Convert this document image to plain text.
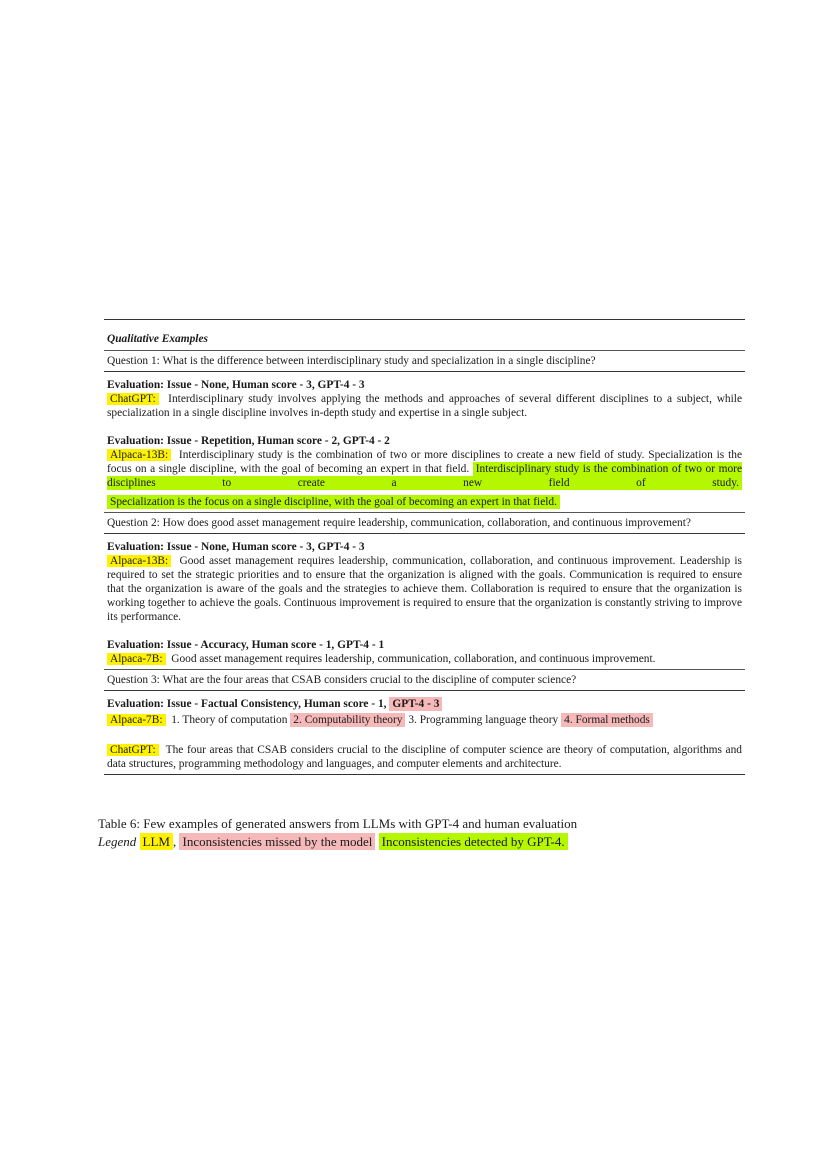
Qualitative Examples
Question 1: What is the difference between interdisciplinary study and specialization in a single discipline?
Evaluation: Issue - None, Human score - 3, GPT-4 - 3
ChatGPT: Interdisciplinary study involves applying the methods and approaches of several different disciplines to a subject, while specialization in a single discipline involves in-depth study and expertise in a single subject.
Evaluation: Issue - Repetition, Human score - 2, GPT-4 - 2
Alpaca-13B: Interdisciplinary study is the combination of two or more disciplines to create a new field of study. Specialization is the focus on a single discipline, with the goal of becoming an expert in that field. Interdisciplinary study is the combination of two or more disciplines to create a new field of study.
Specialization is the focus on a single discipline, with the goal of becoming an expert in that field.
Question 2: How does good asset management require leadership, communication, collaboration, and continuous improvement?
Evaluation: Issue - None, Human score - 3, GPT-4 - 3
Alpaca-13B: Good asset management requires leadership, communication, collaboration, and continuous improvement. Leadership is required to set the strategic priorities and to ensure that the organization is aligned with the goals. Communication is required to ensure that the organization is aware of the goals and the strategies to achieve them. Collaboration is required to ensure that the organization is working together to achieve the goals. Continuous improvement is required to ensure that the organization is constantly striving to improve its performance.
Evaluation: Issue - Accuracy, Human score - 1, GPT-4 - 1
Alpaca-7B: Good asset management requires leadership, communication, collaboration, and continuous improvement.
Question 3: What are the four areas that CSAB considers crucial to the discipline of computer science?
Evaluation: Issue - Factual Consistency, Human score - 1, GPT-4 - 3
Alpaca-7B: 1. Theory of computation 2. Computability theory 3. Programming language theory 4. Formal methods
ChatGPT: The four areas that CSAB considers crucial to the discipline of computer science are theory of computation, algorithms and data structures, programming methodology and languages, and computer elements and architecture.
Table 6: Few examples of generated answers from LLMs with GPT-4 and human evaluation
Legend LLM , Inconsistencies missed by the model Inconsistencies detected by GPT-4.
